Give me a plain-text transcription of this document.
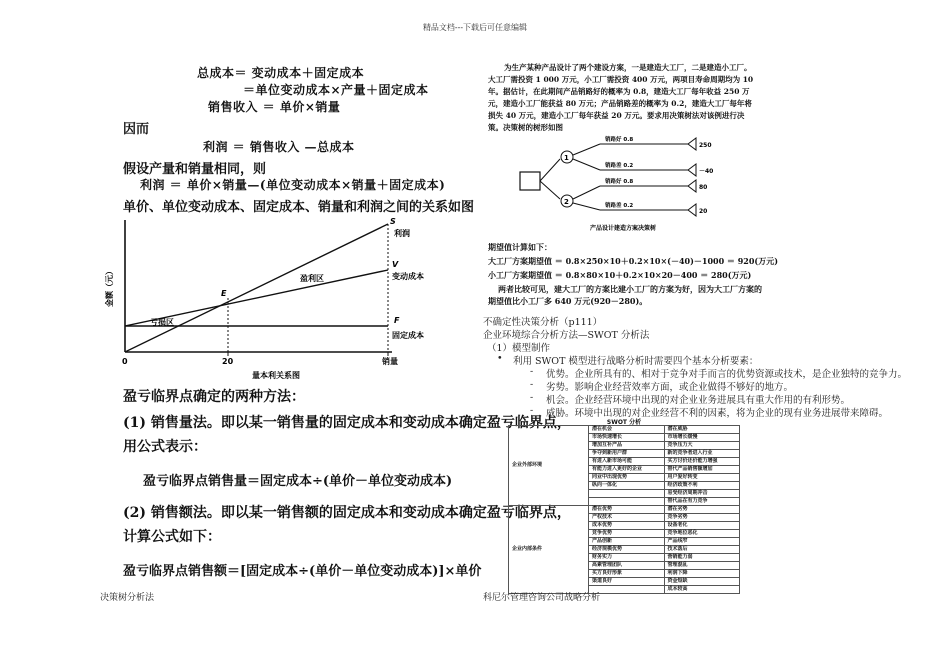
精品文档---下载后可任意编辑
总成本＝ 变动成本＋固定成本
＝单位变动成本×产量＋固定成本
销售收入 ＝ 单价×销量
因而
利润 ＝ 销售收入 —总成本
假设产量和销量相同，则
利润 ＝ 单价×销量—(单位变动成本×销量＋固定成本)
单价、单位变动成本、固定成本、销量和利润之间的关系如图
S
利润
V
变动成本
E
盈利区
亏损区	F
固定成本
0	20	销量
量本利关系图
金额（元）
盈亏临界点确定的两种方法：
(1) 销售量法。即以某一销售量的固定成本和变动成本确定盈亏临界点，
用公式表示：
盈亏临界点销售量＝固定成本÷(单价－单位变动成本)
(2) 销售额法。即以某一销售额的固定成本和变动成本确定盈亏临界点，
计算公式如下：
盈亏临界点销售额＝[固定成本÷(单价－单位变动成本)]×单价
决策树分析法
为生产某种产品设计了两个建设方案，一是建造大工厂，二是建造小工厂。大工厂需投资 1 000 万元，小工厂需投资 400 万元，两项目寿命周期均为 10 年。据估计，在此期间产品销路好的概率为 0.8，建造大工厂每年收益 250 万元，建造小工厂能获益 80 万元；产品销路差的概率为 0.2，建造大工厂每年将损失 40 万元，建造小工厂每年获益 20 万元。要求用决策树法对该例进行决策。决策树的树形如图
1
2
销路好 0.8
销路差 0.2
销路好 0.8
销路差 0.2
250
－40
80
20
产品设计建造方案决策树
期望值计算如下：
大工厂方案期望值 ＝ 0.8×250×10＋0.2×10×(－40)－1000 ＝ 920(万元)
小工厂方案期望值 ＝ 0.8×80×10＋0.2×10×20－400 ＝ 280(万元)
两者比较可见，建大工厂的方案比建小工厂的方案为好，因为大工厂方案的
期望值比小工厂多 640 万元(920－280)。
不确定性决策分析（p111）
企业环境综合分析方法—SWOT 分析法
（1）模型制作
• 利用 SWOT 模型进行战略分析时需要四个基本分析要素：
- 优势。企业所具有的、相对于竞争对手而言的优势资源或技术，是企业独特的竞争力。
- 劣势。影响企业经营效率方面，或企业做得不够好的地方。
- 机会。企业经营环境中出现的对企业业务进展具有重大作用的有利形势。
- 威胁。环境中出现的对企业经营不利的因素，将为企业的现有业务进展带来障碍。
SWOT 分析
企业外部环境	潜在机会	潜在威胁
	市场快速增长	市场增长缓慢
	增加互补产品	竞争压力大
	争夺到新用户群	新的竞争者进入行业
	有进入新市场可能	买方讨价还价能力增强
	有能力进入更好的企业	替代产品销售额增加
	同业中出现优势	用户爱好转变
	纵向一体化	经济政策不利
		易受经济周期冲击
		替代品在有力竞争
企业内部条件	潜在优势	潜在劣势
	产权技术	竞争劣势
	成本优势	设备老化
	竞争优势	竞争地位恶化
	产品创新	产品线窄
	经济规模优势	技术落后
	财务实力	营销能力弱
	高素管理团队	管理混乱
	买方良好形象	利润下降
	渠道良好	资金短缺
		成本较高
科尼尔管理咨询公司战略分析
